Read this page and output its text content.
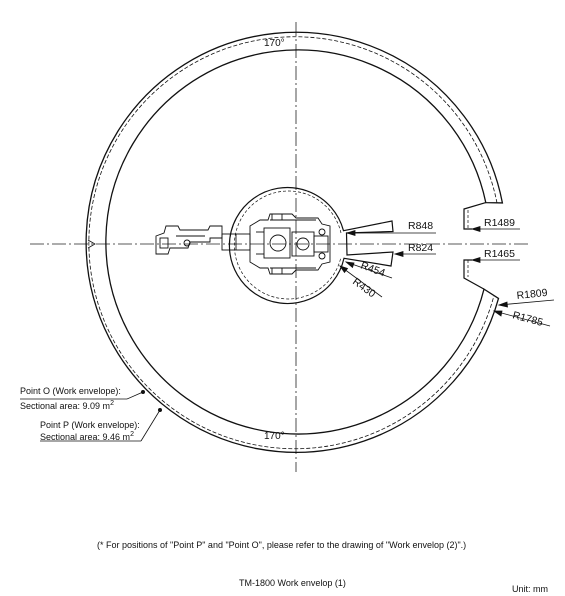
170°
170°
R848
R824
R1489
R1465
R454
R430	R1809
R1785
Point O (Work envelope):
Sectional area: 9.09 $m^2$
Point P (Work envelope):
Sectional area: 9.46 $m^2$
(* For positions of "Point P" and "Point O", please refer to the drawing of "Work envelop (2)".)
TM-1800 Work envelop (1)
Unit: mm
